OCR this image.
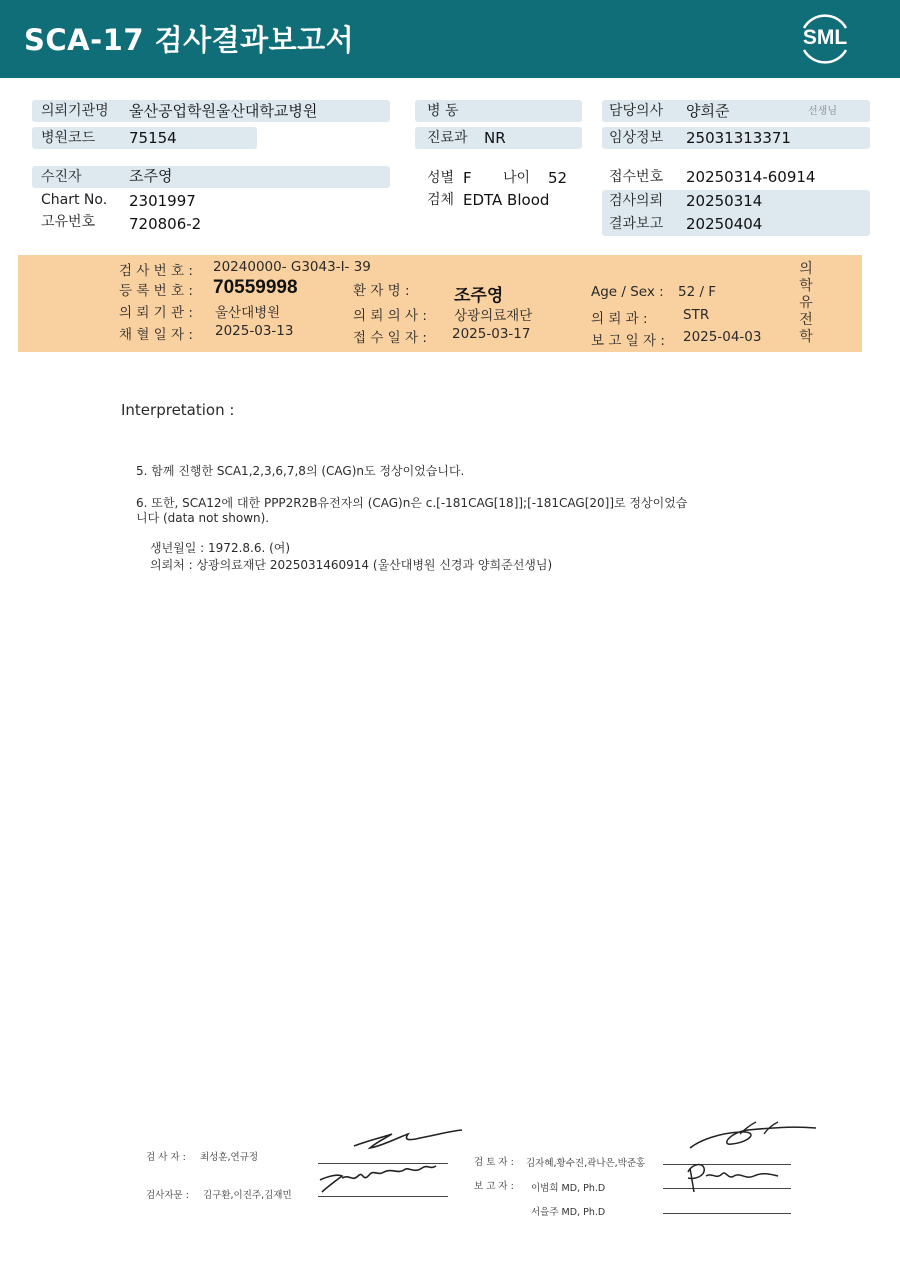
SCA-17 검사결과보고서	SML
의뢰기관명 울산공업학원울산대학교병원	병 동	담당의사 양희준	선생님
병원코드 75154	진료과 NR	임상정보 25031313371
수진자	조주영	성별 F 나이 52	접수번호 20250314-60914
Chart No. 2301997	검체 EDTA Blood	검사의뢰 20250314
고유번호 720806-2	결과보고 20250404
검 사 번 호 : 20240000- G3043-I- 39
등 록 번 호 : 70559998	환 자 명 :	조주영	Age / Sex : 52 / F
의 뢰 기 관 : 울산대병원	의 뢰 의 사 : 상광의료재단	의 뢰 과 :	STR
채 혈 일 자 : 2025-03-13	접 수 일 자 : 2025-03-17	보 고 일 자 : 2025-04-03
의학유전학
Interpretation :
5. 함께 진행한 SCA1,2,3,6,7,8의 (CAG)n도 정상이었습니다.
6. 또한, SCA12에 대한 PPP2R2B유전자의 (CAG)n은 c.[-181CAG[18]];[-181CAG[20]]로 정상이었습
니다 (data not shown).
생년월일 : 1972.8.6. (여)
의뢰처 : 상광의료재단 2025031460914 (울산대병원 신경과 양희준선생님)
검 사 자 : 최성훈,연규정
검사자문 : 김구환,이진주,김재민
검 토 자 : 김자혜,황수진,곽나은,박준홍
보 고 자 : 이범희 MD, Ph.D
서을주 MD, Ph.D
